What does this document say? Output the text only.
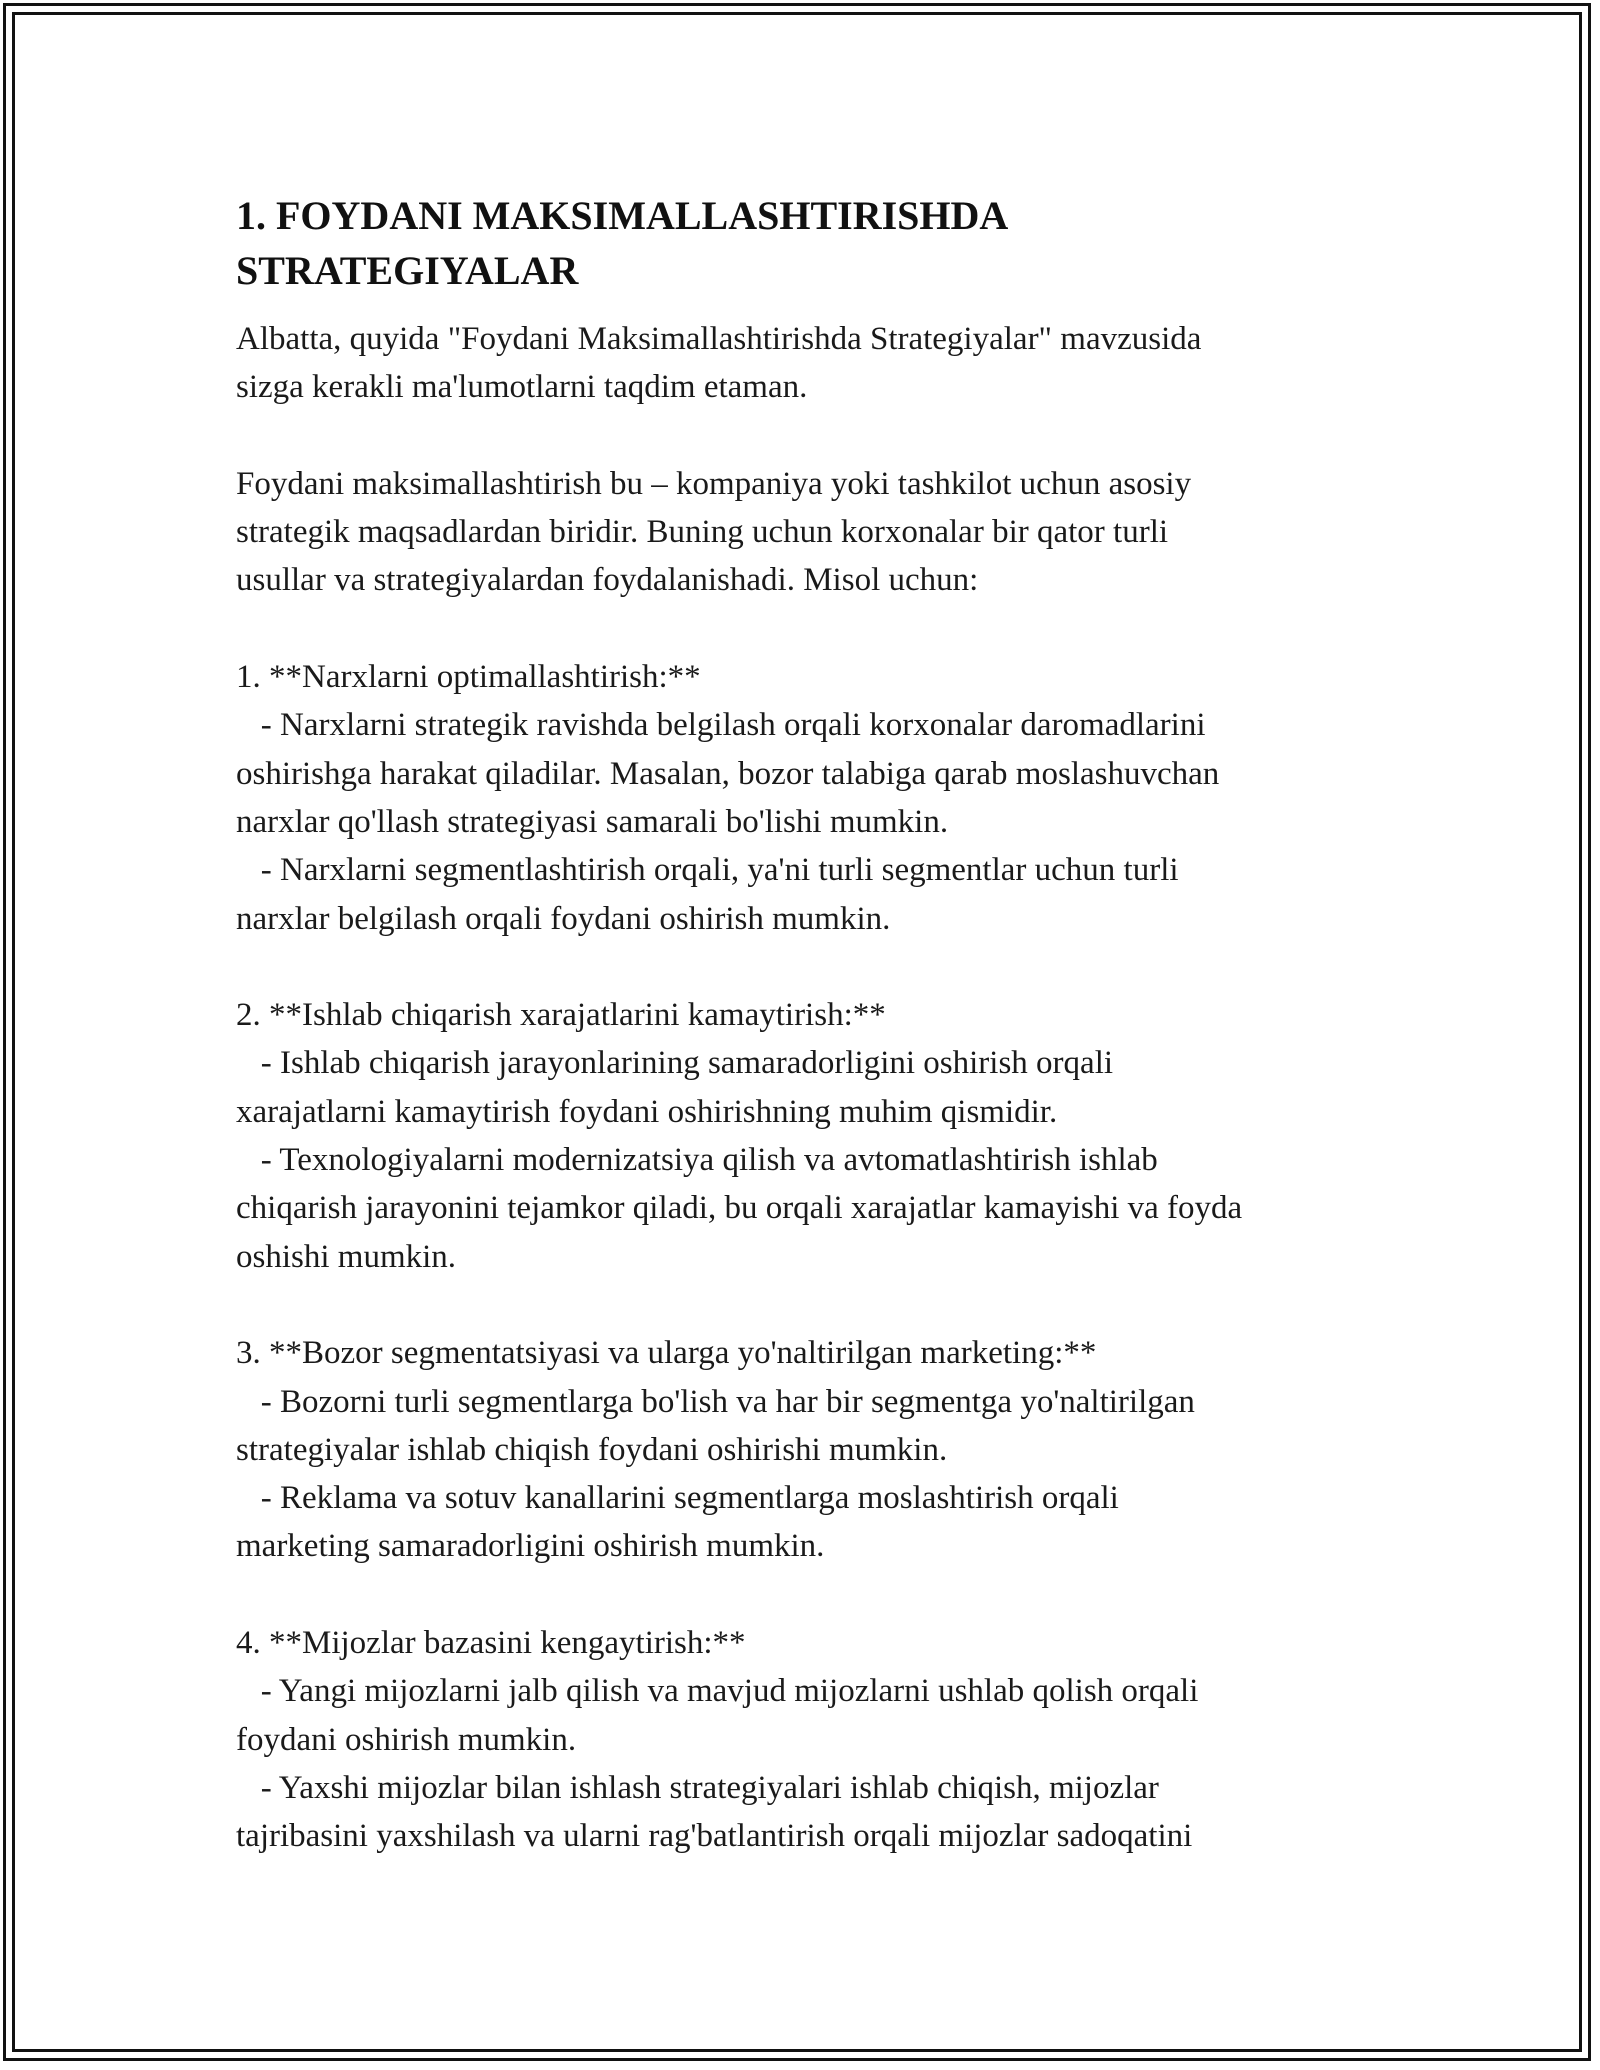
1. FOYDANI MAKSIMALLASHTIRISHDA
STRATEGIYALAR
Albatta, quyida "Foydani Maksimallashtirishda Strategiyalar" mavzusida
sizga kerakli ma'lumotlarni taqdim etaman.
Foydani maksimallashtirish bu – kompaniya yoki tashkilot uchun asosiy
strategik maqsadlardan biridir. Buning uchun korxonalar bir qator turli
usullar va strategiyalardan foydalanishadi. Misol uchun:
1. **Narxlarni optimallashtirish:**
- Narxlarni strategik ravishda belgilash orqali korxonalar daromadlarini
oshirishga harakat qiladilar. Masalan, bozor talabiga qarab moslashuvchan
narxlar qo'llash strategiyasi samarali bo'lishi mumkin.
- Narxlarni segmentlashtirish orqali, ya'ni turli segmentlar uchun turli
narxlar belgilash orqali foydani oshirish mumkin.
2. **Ishlab chiqarish xarajatlarini kamaytirish:**
- Ishlab chiqarish jarayonlarining samaradorligini oshirish orqali
xarajatlarni kamaytirish foydani oshirishning muhim qismidir.
- Texnologiyalarni modernizatsiya qilish va avtomatlashtirish ishlab
chiqarish jarayonini tejamkor qiladi, bu orqali xarajatlar kamayishi va foyda
oshishi mumkin.
3. **Bozor segmentatsiyasi va ularga yo'naltirilgan marketing:**
- Bozorni turli segmentlarga bo'lish va har bir segmentga yo'naltirilgan
strategiyalar ishlab chiqish foydani oshirishi mumkin.
- Reklama va sotuv kanallarini segmentlarga moslashtirish orqali
marketing samaradorligini oshirish mumkin.
4. **Mijozlar bazasini kengaytirish:**
- Yangi mijozlarni jalb qilish va mavjud mijozlarni ushlab qolish orqali
foydani oshirish mumkin.
- Yaxshi mijozlar bilan ishlash strategiyalari ishlab chiqish, mijozlar
tajribasini yaxshilash va ularni rag'batlantirish orqali mijozlar sadoqatini
